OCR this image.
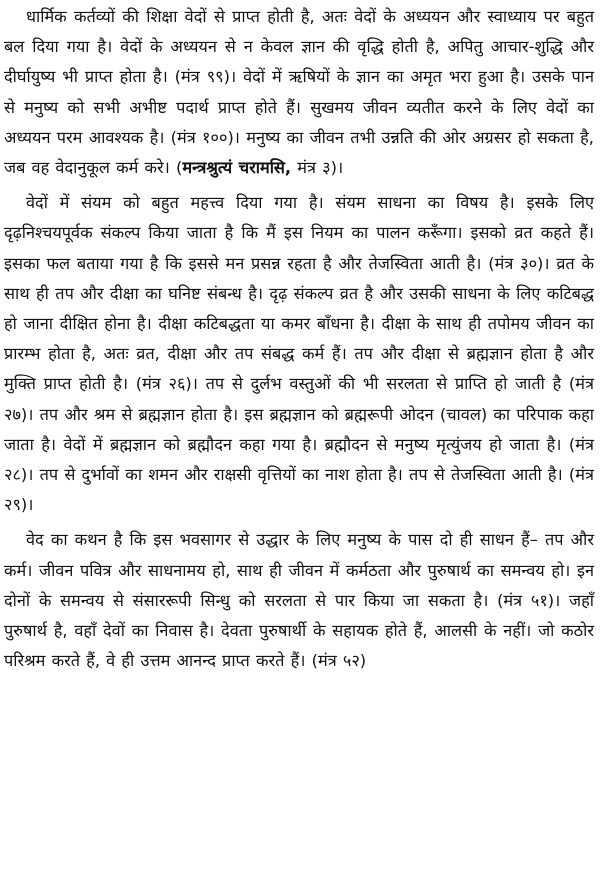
धार्मिक कर्तव्यों की शिक्षा वेदों से प्राप्त होती है, अतः वेदों के अध्ययन और स्वाध्याय पर बहुत बल दिया गया है। वेदों के अध्ययन से न केवल ज्ञान की वृद्धि होती है, अपितु आचार-शुद्धि और दीर्घायुष्य भी प्राप्त होता है। (मंत्र ९९)। वेदों में ऋषियों के ज्ञान का अमृत भरा हुआ है। उसके पान से मनुष्य को सभी अभीष्ट पदार्थ प्राप्त होते हैं। सुखमय जीवन व्यतीत करने के लिए वेदों का अध्ययन परम आवश्यक है। (मंत्र १००)। मनुष्य का जीवन तभी उन्नति की ओर अग्रसर हो सकता है, जब वह वेदानुकूल कर्म करे। (मन्त्रश्रुत्यं चरामसि, मंत्र ३)।

वेदों में संयम को बहुत महत्त्व दिया गया है। संयम साधना का विषय है। इसके लिए दृढ़निश्चयपूर्वक संकल्प किया जाता है कि मैं इस नियम का पालन करूँगा। इसको व्रत कहते हैं। इसका फल बताया गया है कि इससे मन प्रसन्न रहता है और तेजस्विता आती है। (मंत्र ३०)। व्रत के साथ ही तप और दीक्षा का घनिष्ट संबन्ध है। दृढ़ संकल्प व्रत है और उसकी साधना के लिए कटिबद्ध हो जाना दीक्षित होना है। दीक्षा कटिबद्धता या कमर बाँधना है। दीक्षा के साथ ही तपोमय जीवन का प्रारम्भ होता है, अतः व्रत, दीक्षा और तप संबद्ध कर्म हैं। तप और दीक्षा से ब्रह्मज्ञान होता है और मुक्ति प्राप्त होती है। (मंत्र २६)। तप से दुर्लभ वस्तुओं की भी सरलता से प्राप्ति हो जाती है (मंत्र २७)। तप और श्रम से ब्रह्मज्ञान होता है। इस ब्रह्मज्ञान को ब्रह्मरूपी ओदन (चावल) का परिपाक कहा जाता है। वेदों में ब्रह्मज्ञान को ब्रह्मौदन कहा गया है। ब्रह्मौदन से मनुष्य मृत्युंजय हो जाता है। (मंत्र २८)। तप से दुर्भावों का शमन और राक्षसी वृत्तियों का नाश होता है। तप से तेजस्विता आती है। (मंत्र २९)।

वेद का कथन है कि इस भवसागर से उद्धार के लिए मनुष्य के पास दो ही साधन हैं– तप और कर्म। जीवन पवित्र और साधनामय हो, साथ ही जीवन में कर्मठता और पुरुषार्थ का समन्वय हो। इन दोनों के समन्वय से संसाररूपी सिन्धु को सरलता से पार किया जा सकता है। (मंत्र ५१)। जहाँ पुरुषार्थ है, वहाँ देवों का निवास है। देवता पुरुषार्थी के सहायक होते हैं, आलसी के नहीं। जो कठोर परिश्रम करते हैं, वे ही उत्तम आनन्द प्राप्त करते हैं। (मंत्र ५२)
